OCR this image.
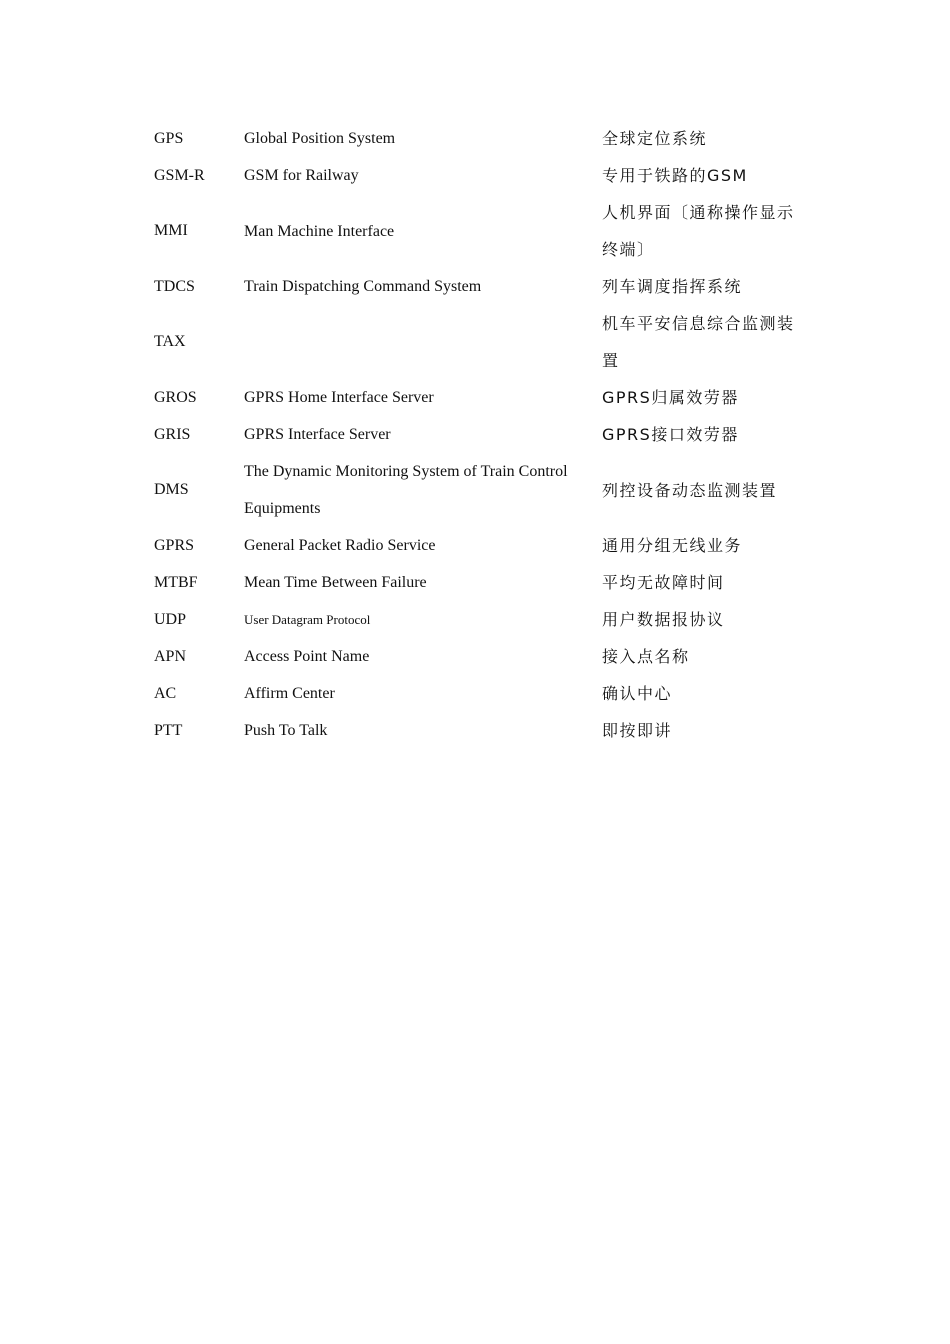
GPS	Global Position System	全球定位系统
GSM-R	GSM for Railway	专用于铁路的GSM
MMI	Man Machine Interface	人机界面〔通称操作显示终端〕
TDCS	Train Dispatching Command System	列车调度指挥系统
TAX		机车平安信息综合监测装置
GROS	GPRS Home Interface Server	GPRS归属效劳器
GRIS	GPRS Interface Server	GPRS接口效劳器
DMS	The Dynamic Monitoring System of Train Control Equipments	列控设备动态监测装置
GPRS	General Packet Radio Service	通用分组无线业务
MTBF	Mean Time Between Failure	平均无故障时间
UDP	User Datagram Protocol	用户数据报协议
APN	Access Point Name	接入点名称
AC	Affirm Center	确认中心
PTT	Push To Talk	即按即讲
